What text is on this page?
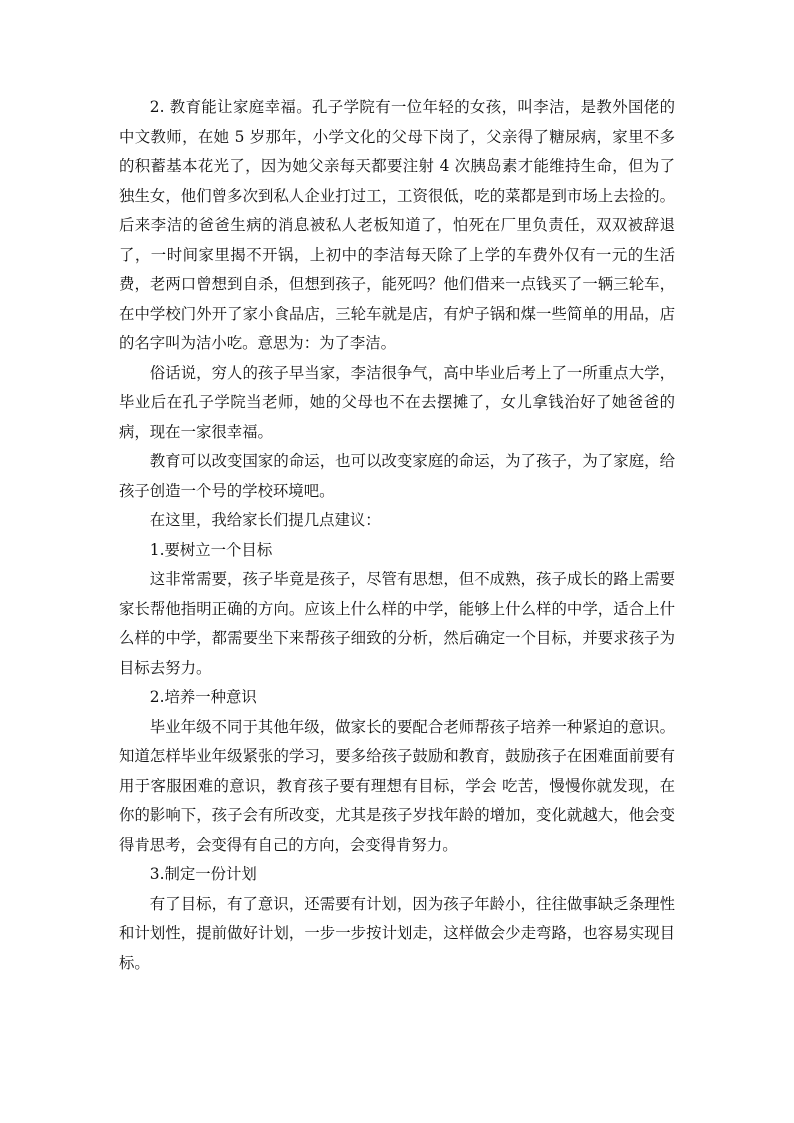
2. 教育能让家庭幸福。孔子学院有一位年轻的女孩，叫李洁，是教外国佬的中文教师，在她 5 岁那年，小学文化的父母下岗了，父亲得了糖尿病，家里不多的积蓄基本花光了，因为她父亲每天都要注射 4 次胰岛素才能维持生命，但为了独生女，他们曾多次到私人企业打过工，工资很低，吃的菜都是到市场上去捡的。后来李洁的爸爸生病的消息被私人老板知道了，怕死在厂里负责任，双双被辞退了，一时间家里揭不开锅，上初中的李洁每天除了上学的车费外仅有一元的生活费，老两口曾想到自杀，但想到孩子，能死吗？他们借来一点钱买了一辆三轮车，在中学校门外开了家小食品店，三轮车就是店，有炉子锅和煤一些简单的用品，店的名字叫为洁小吃。意思为：为了李洁。

俗话说，穷人的孩子早当家，李洁很争气，高中毕业后考上了一所重点大学，毕业后在孔子学院当老师，她的父母也不在去摆摊了，女儿拿钱治好了她爸爸的病，现在一家很幸福。

教育可以改变国家的命运，也可以改变家庭的命运，为了孩子，为了家庭，给孩子创造一个号的学校环境吧。

在这里，我给家长们提几点建议：

1.要树立一个目标

这非常需要，孩子毕竟是孩子，尽管有思想，但不成熟，孩子成长的路上需要家长帮他指明正确的方向。应该上什么样的中学，能够上什么样的中学，适合上什么样的中学，都需要坐下来帮孩子细致的分析，然后确定一个目标，并要求孩子为目标去努力。

2.培养一种意识

毕业年级不同于其他年级，做家长的要配合老师帮孩子培养一种紧迫的意识。知道怎样毕业年级紧张的学习，要多给孩子鼓励和教育，鼓励孩子在困难面前要有用于客服困难的意识，教育孩子要有理想有目标，学会 吃苦，慢慢你就发现，在你的影响下，孩子会有所改变，尤其是孩子岁找年龄的增加，变化就越大，他会变得肯思考，会变得有自己的方向，会变得肯努力。

3.制定一份计划

有了目标，有了意识，还需要有计划，因为孩子年龄小，往往做事缺乏条理性和计划性，提前做好计划，一步一步按计划走，这样做会少走弯路，也容易实现目标。
